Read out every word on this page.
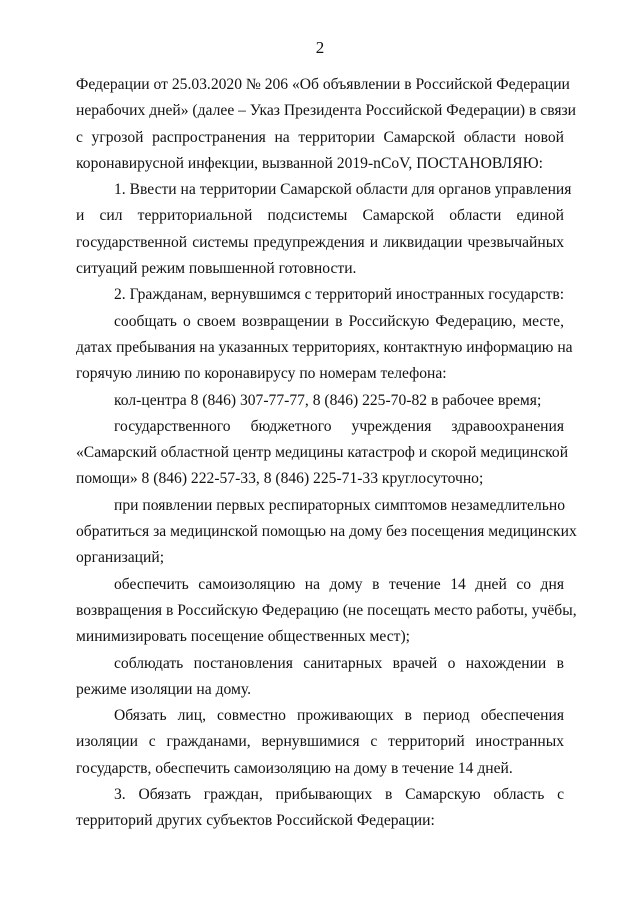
2
Федерации от 25.03.2020 № 206 «Об объявлении в Российской Федерации
нерабочих дней» (далее – Указ Президента Российской Федерации) в связи
с угрозой распространения на территории Самарской области новой
коронавирусной инфекции, вызванной 2019-nCoV, ПОСТАНОВЛЯЮ:
1. Ввести на территории Самарской области для органов управления
и сил территориальной подсистемы Самарской области единой
государственной системы предупреждения и ликвидации чрезвычайных
ситуаций режим повышенной готовности.
2. Гражданам, вернувшимся с территорий иностранных государств:
сообщать о своем возвращении в Российскую Федерацию, месте,
датах пребывания на указанных территориях, контактную информацию на
горячую линию по коронавирусу по номерам телефона:
кол-центра 8 (846) 307-77-77, 8 (846) 225-70-82 в рабочее время;
государственного бюджетного учреждения здравоохранения
«Самарский областной центр медицины катастроф и скорой медицинской
помощи» 8 (846) 222-57-33, 8 (846) 225-71-33 круглосуточно;
при появлении первых респираторных симптомов незамедлительно
обратиться за медицинской помощью на дому без посещения медицинских
организаций;
обеспечить самоизоляцию на дому в течение 14 дней со дня
возвращения в Российскую Федерацию (не посещать место работы, учёбы,
минимизировать посещение общественных мест);
соблюдать постановления санитарных врачей о нахождении в
режиме изоляции на дому.
Обязать лиц, совместно проживающих в период обеспечения
изоляции с гражданами, вернувшимися с территорий иностранных
государств, обеспечить самоизоляцию на дому в течение 14 дней.
3. Обязать граждан, прибывающих в Самарскую область с
территорий других субъектов Российской Федерации:
